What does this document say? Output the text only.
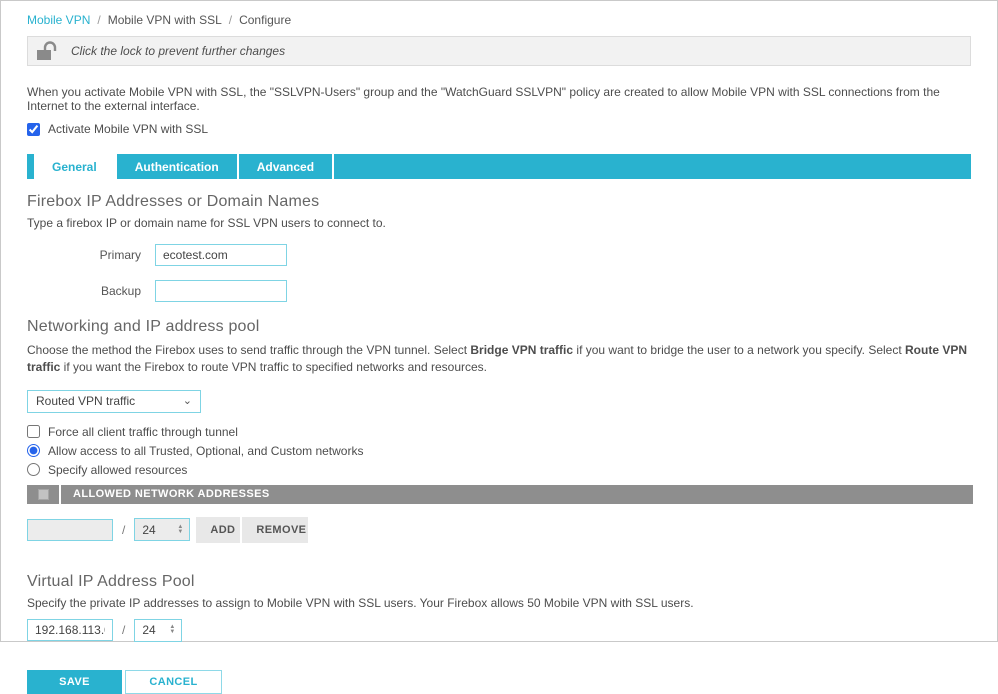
Mobile VPN / Mobile VPN with SSL / Configure
Click the lock to prevent further changes
When you activate Mobile VPN with SSL, the "SSLVPN-Users" group and the "WatchGuard SSLVPN" policy are created to allow Mobile VPN with SSL connections from the Internet to the external interface.
Activate Mobile VPN with SSL
General	Authentication	Advanced
Firebox IP Addresses or Domain Names
Type a firebox IP or domain name for SSL VPN users to connect to.
Primary
ecotest.com
Backup
Networking and IP address pool
Choose the method the Firebox uses to send traffic through the VPN tunnel. Select Bridge VPN traffic if you want to bridge the user to a network you specify. Select Route VPN traffic if you want the Firebox to route VPN traffic to specified networks and resources.
Routed VPN traffic	⌄
Force all client traffic through tunnel
Allow access to all Trusted, Optional, and Custom networks
Specify allowed resources
ALLOWED NETWORK ADDRESSES
/	24	▲
▼	ADD	REMOVE
Virtual IP Address Pool
Specify the private IP addresses to assign to Mobile VPN with SSL users. Your Firebox allows 50 Mobile VPN with SSL users.
192.168.113.0
/	24	▲
▼
SAVE	CANCEL
